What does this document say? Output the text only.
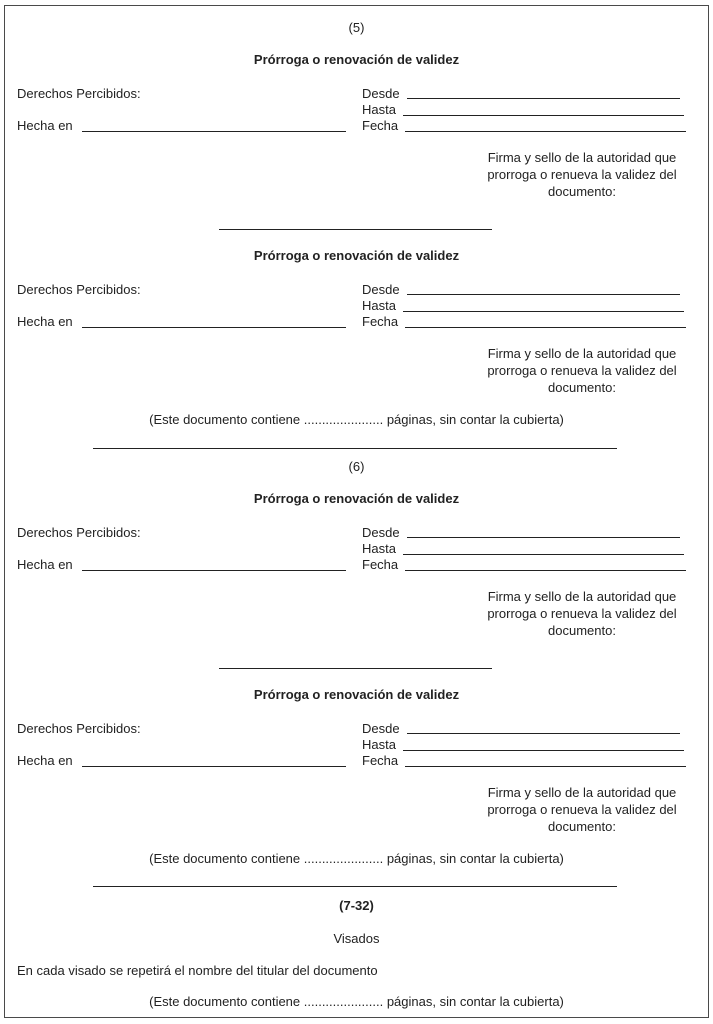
(5)
Prórroga o renovación de validez
Derechos Percibidos:	Desde
Hasta
Hecha en	Fecha
Firma y sello de la autoridad que
prorroga o renueva la validez del
documento:
Prórroga o renovación de validez
Derechos Percibidos:	Desde
Hasta
Hecha en	Fecha
Firma y sello de la autoridad que
prorroga o renueva la validez del
documento:
(Este documento contiene ...................... páginas, sin contar la cubierta)
(6)
Prórroga o renovación de validez
Derechos Percibidos:	Desde
Hasta
Hecha en	Fecha
Firma y sello de la autoridad que
prorroga o renueva la validez del
documento:
Prórroga o renovación de validez
Derechos Percibidos:	Desde
Hasta
Hecha en	Fecha
Firma y sello de la autoridad que
prorroga o renueva la validez del
documento:
(Este documento contiene ...................... páginas, sin contar la cubierta)
(7-32)
Visados
En cada visado se repetirá el nombre del titular del documento
(Este documento contiene ...................... páginas, sin contar la cubierta)
